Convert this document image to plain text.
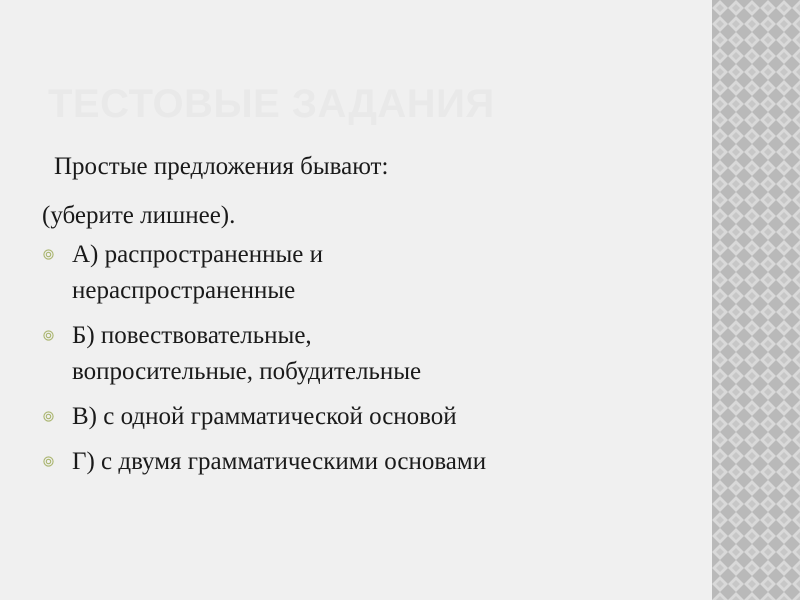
ТЕСТОВЫЕ ЗАДАНИЯ

Простые предложения бывают:

(уберите лишнее).

А) распространенные и
нераспространенные
Б) повествовательные,
вопросительные, побудительные
В) с одной грамматической основой
Г) с двумя грамматическими основами
